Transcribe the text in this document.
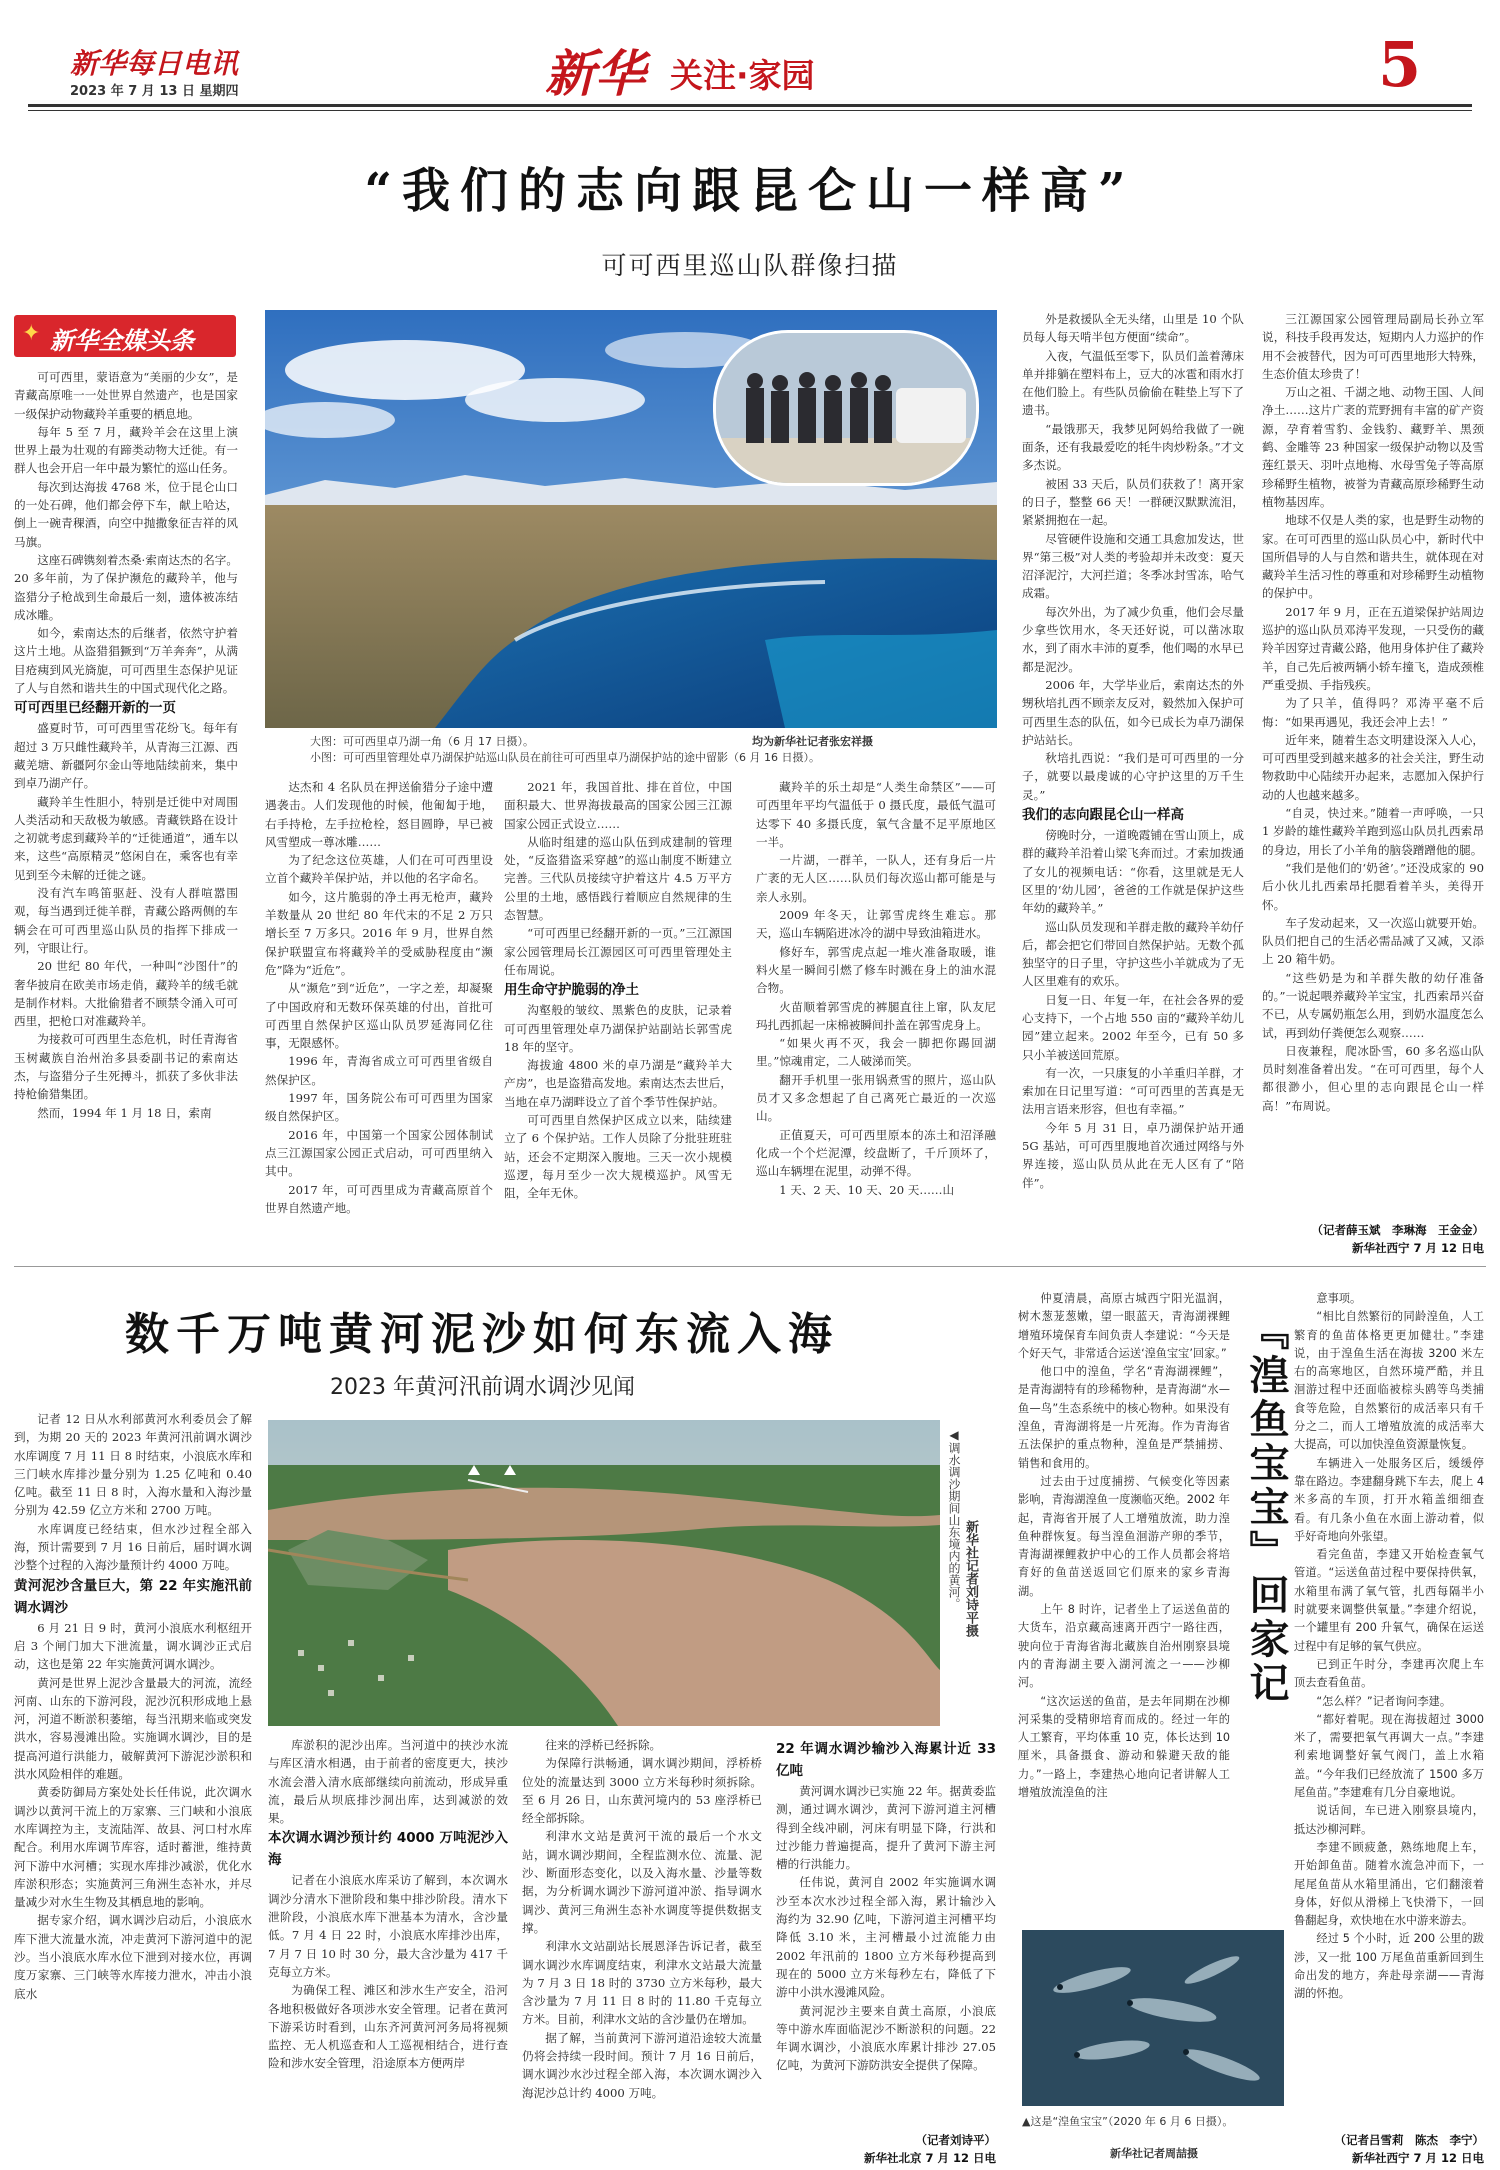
新华每日电讯
2023 年 7 月 13 日 星期四	新华 关注·家园	5
“我们的志向跟昆仑山一样高”
可可西里巡山队群像扫描
✦ 新华全媒头条

可可西里，蒙语意为“美丽的少女”，是青藏高原唯一一处世界自然遗产，也是国家一级保护动物藏羚羊重要的栖息地。

每年 5 至 7 月，藏羚羊会在这里上演世界上最为壮观的有蹄类动物大迁徙。有一群人也会开启一年中最为繁忙的巡山任务。

每次到达海拔 4768 米，位于昆仑山口的一处石碑，他们都会停下车，献上哈达，倒上一碗青稞酒，向空中抛撒象征吉祥的风马旗。

这座石碑镌刻着杰桑·索南达杰的名字。20 多年前，为了保护濒危的藏羚羊，他与盗猎分子枪战到生命最后一刻，遗体被冻结成冰雕。

如今，索南达杰的后继者，依然守护着这片土地。从盗猎猖獗到“万羊奔奔”，从满目疮痍到风光旖旎，可可西里生态保护见证了人与自然和谐共生的中国式现代化之路。

可可西里已经翻开新的一页

盛夏时节，可可西里雪花纷飞。每年有超过 3 万只雌性藏羚羊，从青海三江源、西藏羌塘、新疆阿尔金山等地陆续前来，集中到卓乃湖产仔。

藏羚羊生性胆小，特别是迁徙中对周围人类活动和天敌极为敏感。青藏铁路在设计之初就考虑到藏羚羊的“迁徙通道”，通车以来，这些“高原精灵”悠闲自在，乘客也有幸见到至今未解的迁徙之谜。

没有汽车鸣笛驱赶、没有人群喧嚣围观，每当遇到迁徙羊群，青藏公路两侧的车辆会在可可西里巡山队员的指挥下排成一列，守眼让行。

20 世纪 80 年代，一种叫“沙图什”的奢华披肩在欧美市场走俏，藏羚羊的绒毛就是制作材料。大批偷猎者不顾禁令涌入可可西里，把枪口对准藏羚羊。

为接救可可西里生态危机，时任青海省玉树藏族自治州治多县委副书记的索南达杰，与盗猎分子生死搏斗，抓获了多伙非法持枪偷猎集团。

然而，1994 年 1 月 18 日，索南

大图：可可西里卓乃湖一角（6 月 17 日摄）。	均为新华社记者张宏祥摄
小图：可可西里管理处卓乃湖保护站巡山队员在前往可可西里卓乃湖保护站的途中留影（6 月 16 日摄）。

达杰和 4 名队员在押送偷猎分子途中遭遇袭击。人们发现他的时候，他匍匐于地，右手持枪，左手拉枪栓，怒目圆睁，早已被风雪塑成一尊冰雕……

为了纪念这位英雄，人们在可可西里设立首个藏羚羊保护站，并以他的名字命名。

如今，这片脆弱的净土再无枪声，藏羚羊数量从 20 世纪 80 年代末的不足 2 万只增长至 7 万多只。2016 年 9 月，世界自然保护联盟宣布将藏羚羊的受威胁程度由“濒危”降为“近危”。

从“濒危”到“近危”，一字之差，却凝聚了中国政府和无数环保英雄的付出，首批可可西里自然保护区巡山队员罗延海同亿往事，无限感怀。

1996 年，青海省成立可可西里省级自然保护区。

1997 年，国务院公布可可西里为国家级自然保护区。

2016 年，中国第一个国家公园体制试点三江源国家公园正式启动，可可西里纳入其中。

2017 年，可可西里成为青藏高原首个世界自然遗产地。

2021 年，我国首批、排在首位，中国面积最大、世界海拔最高的国家公园三江源国家公园正式设立……

从临时组建的巡山队伍到成建制的管理处，“反盗猎盗采穿越”的巡山制度不断建立完善。三代队员接续守护着这片 4.5 万平方公里的土地，感悟践行着顺应自然规律的生态智慧。

“可可西里已经翻开新的一页。”三江源国家公园管理局长江源园区可可西里管理处主任布周说。

用生命守护脆弱的净土

沟壑般的皱纹、黑紫色的皮肤，记录着可可西里管理处卓乃湖保护站副站长郭雪虎 18 年的坚守。

海拔逾 4800 米的卓乃湖是“藏羚羊大产房”，也是盗猎高发地。索南达杰去世后，当地在卓乃湖畔设立了首个季节性保护站。

可可西里自然保护区成立以来，陆续建立了 6 个保护站。工作人员除了分批驻班驻站，还会不定期深入腹地。三天一次小规模巡逻，每月至少一次大规模巡护。风雪无阻，全年无休。

藏羚羊的乐土却是“人类生命禁区”——可可西里年平均气温低于 0 摄氏度，最低气温可达零下 40 多摄氏度，氧气含量不足平原地区一半。

一片湖，一群羊，一队人，还有身后一片广袤的无人区……队员们每次巡山都可能是与亲人永别。

2009 年冬天，让郭雪虎终生难忘。那天，巡山车辆陷进冰冷的湖中导致油箱进水。

修好车，郭雪虎点起一堆火准备取暖，谁料火星一瞬间引燃了修车时溅在身上的油水混合物。

火苗顺着郭雪虎的裤腿直往上窜，队友尼玛扎西抓起一床棉被瞬间扑盖在郭雪虎身上。

“如果火再不灭，我会一脚把你踢回湖里。”惊魂甫定，二人破涕而笑。

翻开手机里一张用锅煮雪的照片，巡山队员才又多念想起了自己离死亡最近的一次巡山。

正值夏天，可可西里原本的冻土和沼泽融化成一个个烂泥潭，绞盘断了，千斤顶坏了，巡山车辆埋在泥里，动弹不得。

1 天、2 天、10 天、20 天……山

外是救援队全无头绪，山里是 10 个队员每人每天啃半包方便面“续命”。

入夜，气温低至零下，队员们盖着薄床单并排躺在塑料布上，豆大的冰雹和雨水打在他们脸上。有些队员偷偷在鞋垫上写下了遗书。

“最饿那天，我梦见阿妈给我做了一碗面条，还有我最爱吃的牦牛肉炒粉条。”才文多杰说。

被困 33 天后，队员们获救了！离开家的日子，整整 66 天！一群硬汉默默流泪，紧紧拥抱在一起。

尽管硬件设施和交通工具愈加发达，世界“第三极”对人类的考验却并未改变：夏天沼泽泥泞，大河拦道；冬季冰封雪冻，哈气成霜。

每次外出，为了减少负重，他们会尽量少拿些饮用水，冬天还好说，可以凿冰取水，到了雨水丰沛的夏季，他们喝的水早已都是泥沙。

2006 年，大学毕业后，索南达杰的外甥秋培扎西不顾亲友反对，毅然加入保护可可西里生态的队伍，如今已成长为卓乃湖保护站站长。

秋培扎西说：“我们是可可西里的一分子，就要以最虔诚的心守护这里的万千生灵。”

我们的志向跟昆仑山一样高

傍晚时分，一道晚霞铺在雪山顶上，成群的藏羚羊沿着山梁飞奔而过。才索加拨通了女儿的视频电话：“你看，这里就是无人区里的‘幼儿园’，爸爸的工作就是保护这些年幼的藏羚羊。”

巡山队员发现和羊群走散的藏羚羊幼仔后，都会把它们带回自然保护站。无数个孤独坚守的日子里，守护这些小羊就成为了无人区里难有的欢乐。

日复一日、年复一年，在社会各界的爱心支持下，一个占地 550 亩的“藏羚羊幼儿园”建立起来。2002 年至今，已有 50 多只小羊被送回荒原。

有一次，一只康复的小羊重归羊群，才索加在日记里写道：“可可西里的苦真是无法用言语来形容，但也有幸福。”

今年 5 月 31 日，卓乃湖保护站开通 5G 基站，可可西里腹地首次通过网络与外界连接，巡山队员从此在无人区有了“陪伴”。

三江源国家公园管理局副局长孙立军说，科技手段再发达，短期内人力巡护的作用不会被替代，因为可可西里地形大特殊，生态价值太珍贵了！

万山之祖、千湖之地、动物王国、人间净土……这片广袤的荒野拥有丰富的矿产资源，孕育着雪豹、金钱豹、藏野羊、黑颈鹤、金雕等 23 种国家一级保护动物以及雪莲红景天、羽叶点地梅、水母雪兔子等高原珍稀野生植物，被誉为青藏高原珍稀野生动植物基因库。

地球不仅是人类的家，也是野生动物的家。在可可西里的巡山队员心中，新时代中国所倡导的人与自然和谐共生，就体现在对藏羚羊生活习性的尊重和对珍稀野生动植物的保护中。

2017 年 9 月，正在五道梁保护站周边巡护的巡山队员邓涛平发现，一只受伤的藏羚羊因穿过青藏公路，他用身体护住了藏羚羊，自己先后被两辆小轿车撞飞，造成颈椎严重受损、手指残疾。

为了只羊，值得吗？邓涛平毫不后悔：“如果再遇见，我还会冲上去！”

近年来，随着生态文明建设深入人心，可可西里受到越来越多的社会关注，野生动物救助中心陆续开办起来，志愿加入保护行动的人也越来越多。

“自灵，快过来。”随着一声呼唤，一只 1 岁龄的雄性藏羚羊跑到巡山队员扎西索昂的身边，用长了小羊角的脑袋蹭蹭他的腿。

“我们是他们的‘奶爸’。”还没成家的 90 后小伙儿扎西索昂托腮看着羊头，美得开怀。

车子发动起来，又一次巡山就要开始。队员们把自己的生活必需品减了又减，又添上 20 箱牛奶。

“这些奶是为和羊群失散的幼仔准备的。”一说起喂养藏羚羊宝宝，扎西索昂兴奋不已，从专属奶瓶怎么用，到奶水温度怎么试，再到幼仔粪便怎么观察……

日夜兼程，爬冰卧雪，60 多名巡山队员时刻准备着出发。“在可可西里，每个人都很渺小，但心里的志向跟昆仑山一样高！”布周说。

（记者薛玉斌　李琳海　王金金）
新华社西宁 7 月 12 日电
数千万吨黄河泥沙如何东流入海
2023 年黄河汛前调水调沙见闻

记者 12 日从水利部黄河水利委员会了解到，为期 20 天的 2023 年黄河汛前调水调沙水库调度 7 月 11 日 8 时结束，小浪底水库和三门峡水库排沙量分别为 1.25 亿吨和 0.40 亿吨。截至 11 日 8 时，入海水量和入海沙量分别为 42.59 亿立方米和 2700 万吨。

水库调度已经结束，但水沙过程全部入海，预计需要到 7 月 16 日前后，届时调水调沙整个过程的入海沙量预计约 4000 万吨。

黄河泥沙含量巨大，第 22 年实施汛前调水调沙

6 月 21 日 9 时，黄河小浪底水利枢纽开启 3 个闸门加大下泄流量，调水调沙正式启动，这也是第 22 年实施黄河调水调沙。

黄河是世界上泥沙含量最大的河流，流经河南、山东的下游河段，泥沙沉积形成地上悬河，河道不断淤积萎缩，每当汛期来临或突发洪水，容易漫滩出险。实施调水调沙，目的是提高河道行洪能力，破解黄河下游泥沙淤积和洪水风险相伴的难题。

黄委防御局方案处处长任伟说，此次调水调沙以黄河干流上的万家寨、三门峡和小浪底水库调控为主，支流陆浑、故县、河口村水库配合。利用水库调节库容，适时蓄泄，维持黄河下游中水河槽；实现水库排沙减淤，优化水库淤积形态；实施黄河三角洲生态补水，并尽量减少对水生生物及其栖息地的影响。

据专家介绍，调水调沙启动后，小浪底水库下泄大流量水流，冲走黄河下游河道中的泥沙。当小浪底水库水位下泄到对接水位，再调度万家寨、三门峡等水库接力泄水，冲击小浪底水

◀调水调沙期间山东境内的黄河。 新华社记者刘诗平摄

库淤积的泥沙出库。当河道中的挟沙水流与库区清水相遇，由于前者的密度更大，挟沙水流会潜入清水底部继续向前流动，形成异重流，最后从坝底排沙洞出库，达到减淤的效果。

本次调水调沙预计约 4000 万吨泥沙入海

记者在小浪底水库采访了解到，本次调水调沙分清水下泄阶段和集中排沙阶段。清水下泄阶段，小浪底水库下泄基本为清水，含沙量低。7 月 4 日 22 时，小浪底水库排沙出库，7 月 7 日 10 时 30 分，最大含沙量为 417 千克每立方米。

为确保工程、滩区和涉水生产安全，沿河各地积极做好各项涉水安全管理。记者在黄河下游采访时看到，山东齐河黄河河务局将视频监控、无人机巡查和人工巡视相结合，进行查险和涉水安全管理，沿途原本方便两岸

往来的浮桥已经拆除。

为保障行洪畅通，调水调沙期间，浮桥桥位处的流量达到 3000 立方米每秒时须拆除。至 6 月 26 日，山东黄河境内的 53 座浮桥已经全部拆除。

利津水文站是黄河干流的最后一个水文站，调水调沙期间，全程监测水位、流量、泥沙、断面形态变化，以及入海水量、沙量等数据，为分析调水调沙下游河道冲淤、指导调水调沙、黄河三角洲生态补水调度等提供数据支撑。

利津水文站副站长展恩泽告诉记者，截至调水调沙水库调度结束，利津水文站最大流量为 7 月 3 日 18 时的 3730 立方米每秒，最大含沙量为 7 月 11 日 8 时的 11.80 千克每立方米。目前，利津水文站的含沙量仍在增加。

据了解，当前黄河下游河道沿途较大流量仍将会持续一段时间。预计 7 月 16 日前后，调水调沙水沙过程全部入海，本次调水调沙入海泥沙总计约 4000 万吨。

22 年调水调沙输沙入海累计近 33 亿吨

黄河调水调沙已实施 22 年。据黄委监测，通过调水调沙，黄河下游河道主河槽得到全线冲刷，河床有明显下降，行洪和过沙能力普遍提高，提升了黄河下游主河槽的行洪能力。

任伟说，黄河自 2002 年实施调水调沙至本次水沙过程全部入海，累计输沙入海约为 32.90 亿吨，下游河道主河槽平均降低 3.10 米，主河槽最小过流能力由 2002 年汛前的 1800 立方米每秒提高到现在的 5000 立方米每秒左右，降低了下游中小洪水漫滩风险。

黄河泥沙主要来自黄土高原，小浪底等中游水库面临泥沙不断淤积的问题。22 年调水调沙，小浪底水库累计排沙 27.05 亿吨，为黄河下游防洪安全提供了保障。

（记者刘诗平）
新华社北京 7 月 12 日电

仲夏清晨，高原古城西宁阳光温润，树木葱茏葱嫩，望一眼蓝天，青海湖裸鲤增殖环境保育车间负责人李建说：“今天是个好天气，非常适合运送‘湟鱼宝宝’回家。”

他口中的湟鱼，学名“青海湖裸鲤”，是青海湖特有的珍稀物种，是青海湖“水—鱼—鸟”生态系统中的核心物种。如果没有湟鱼，青海湖将是一片死海。作为青海省五法保护的重点物种，湟鱼是严禁捕捞、销售和食用的。

过去由于过度捕捞、气候变化等因素影响，青海湖湟鱼一度濒临灭绝。2002 年起，青海省开展了人工增殖放流，助力湟鱼种群恢复。每当湟鱼洄游产卵的季节，青海湖裸鲤救护中心的工作人员都会将培育好的鱼苗送返回它们原来的家乡青海湖。

上午 8 时许，记者坐上了运送鱼苗的大货车，沿京藏高速离开西宁一路往西，驶向位于青海省海北藏族自治州刚察县境内的青海湖主要入湖河流之一——沙柳河。

“这次运送的鱼苗，是去年同期在沙柳河采集的受精卵培育而成的。经过一年的人工繁育，平均体重 10 克，体长达到 10 厘米，具备摄食、游动和躲避天敌的能力。”一路上，李建热心地向记者讲解人工增殖放流湟鱼的注

『湟鱼宝宝』回家记

意事项。

“相比自然繁衍的同龄湟鱼，人工繁育的鱼苗体格更更加健壮。”李建说，由于湟鱼生活在海拔 3200 米左右的高寒地区，自然环境严酷，并且洄游过程中还面临被棕头鸥等鸟类捕食等危险，自然繁衍的成活率只有千分之二，而人工增殖放流的成活率大大提高，可以加快湟鱼资源量恢复。

车辆进入一处服务区后，缓缓停靠在路边。李建翻身跳下车去，爬上 4 米多高的车顶，打开水箱盖细细查看。有几条小鱼在水面上游动着，似乎好奇地向外张望。

看完鱼苗，李建又开始检查氧气管道。“运送鱼苗过程中要保持供氧，水箱里布满了氧气管，扎西每隔半小时就要来调整供氧量。”李建介绍说，一个罐里有 200 升氧气，确保在运送过程中有足够的氧气供应。

已到正午时分，李建再次爬上车顶去查看鱼苗。

“怎么样？”记者询问李建。

“都好着呢。现在海拔超过 3000 米了，需要把氧气再调大一点。”李建利索地调整好氧气阀门，盖上水箱盖。“今年我们已经放流了 1500 多万尾鱼苗。”李建难有几分自豪地说。

说话间，车已进入刚察县境内，抵达沙柳河畔。

李建不顾疲惫，熟练地爬上车，开始卸鱼苗。随着水流急冲而下，一尾尾鱼苗从水箱里涌出，它们翻滚着身体，好似从滑梯上飞快滑下，一回鲁翻起身，欢快地在水中游来游去。

经过 5 个小时，近 200 公里的跋涉，又一批 100 万尾鱼苗重新回到生命出发的地方，奔赴母亲湖——青海湖的怀抱。

▲这是“湟鱼宝宝”（2020 年 6 月 6 日摄）。
新华社记者周喆摄
（记者吕雪莉　陈杰　李宁）
新华社西宁 7 月 12 日电
